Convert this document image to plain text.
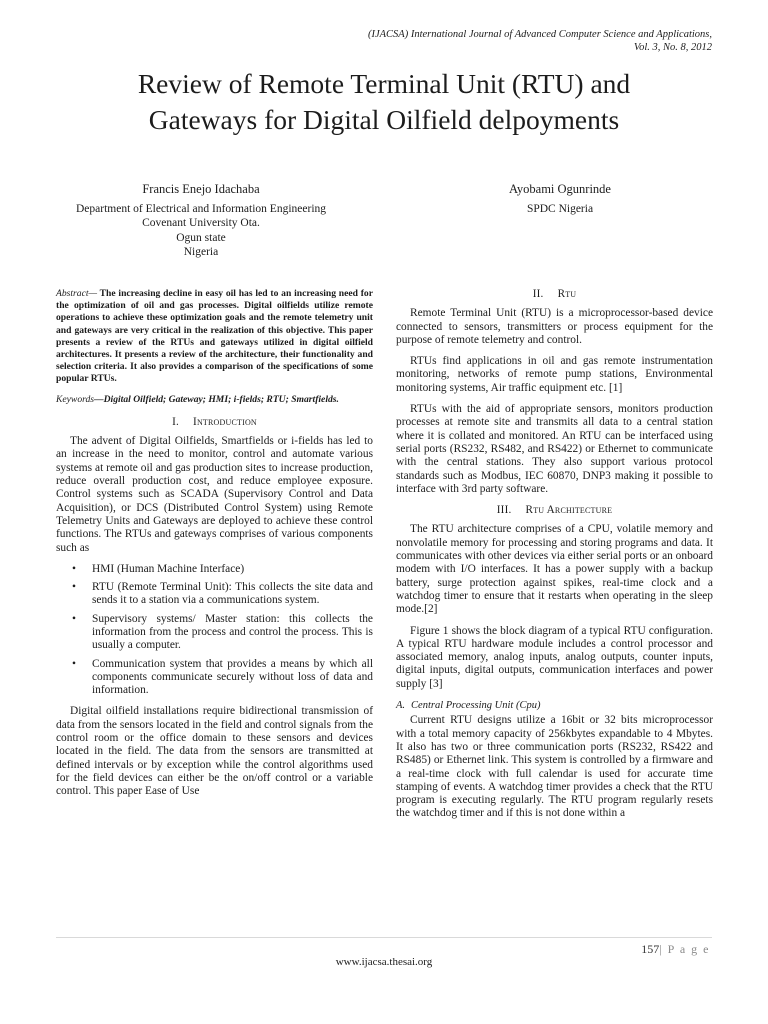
(IJACSA) International Journal of Advanced Computer Science and Applications,
Vol. 3, No. 8, 2012
Review of Remote Terminal Unit (RTU) and
Gateways for Digital Oilfield delpoyments
Francis Enejo Idachaba
Department of Electrical and Information Engineering
Covenant University Ota.
Ogun state
Nigeria
Ayobami Ogunrinde
SPDC Nigeria
Abstract— The increasing decline in easy oil has led to an increasing need for the optimization of oil and gas processes. Digital oilfields utilize remote operations to achieve these optimization goals and the remote telemetry unit and gateways are very critical in the realization of this objective. This paper presents a review of the RTUs and gateways utilized in digital oilfield architectures. It presents a review of the architecture, their functionality and selection criteria. It also provides a comparison of the specifications of some popular RTUs.
Keywords—Digital Oilfield; Gateway; HMI; i-fields; RTU; Smartfields.
I. Introduction

The advent of Digital Oilfields, Smartfields or i-fields has led to an increase in the need to monitor, control and automate various systems at remote oil and gas production sites to increase production, reduce overall production cost, and reduce employee exposure. Control systems such as SCADA (Supervisory Control and Data Acquisition), or DCS (Distributed Control System) using Remote Telemetry Units and Gateways are deployed to achieve these control functions. The RTUs and gateways comprises of various components such as

• HMI (Human Machine Interface)
• RTU (Remote Terminal Unit): This collects the site data and sends it to a station via a communications system.
• Supervisory systems/ Master station: this collects the information from the process and control the process. This is usually a computer.
• Communication system that provides a means by which all components communicate securely without loss of data and information.

Digital oilfield installations require bidirectional transmission of data from the sensors located in the field and control signals from the control room or the office domain to these sensors and devices located in the field. The data from the sensors are transmitted at defined intervals or by exception while the control algorithms used for the field devices can either be the on/off control or a variable control. This paper Ease of Use

II. Rtu

Remote Terminal Unit (RTU) is a microprocessor-based device connected to sensors, transmitters or process equipment for the purpose of remote telemetry and control.

RTUs find applications in oil and gas remote instrumentation monitoring, networks of remote pump stations, Environmental monitoring systems, Air traffic equipment etc. [1]

RTUs with the aid of appropriate sensors, monitors production processes at remote site and transmits all data to a central station where it is collated and monitored. An RTU can be interfaced using serial ports (RS232, RS482, and RS422) or Ethernet to communicate with the central stations. They also support various protocol standards such as Modbus, IEC 60870, DNP3 making it possible to interface with 3rd party software.

III. Rtu Architecture

The RTU architecture comprises of a CPU, volatile memory and nonvolatile memory for processing and storing programs and data. It communicates with other devices via either serial ports or an onboard modem with I/O interfaces. It has a power supply with a backup battery, surge protection against spikes, real-time clock and a watchdog timer to ensure that it restarts when operating in the sleep mode.[2]

Figure 1 shows the block diagram of a typical RTU configuration. A typical RTU hardware module includes a control processor and associated memory, analog inputs, analog outputs, counter inputs, digital inputs, digital outputs, communication interfaces and power supply [3]

A. Central Processing Unit (Cpu)

Current RTU designs utilize a 16bit or 32 bits microprocessor with a total memory capacity of 256kbytes expandable to 4 Mbytes. It also has two or three communication ports (RS232, RS422 and RS485) or Ethernet link. This system is controlled by a firmware and a real-time clock with full calendar is used for accurate time stamping of events. A watchdog timer provides a check that the RTU program is executing regularly. The RTU program regularly resets the watchdog timer and if this is not done within a

157| P a g e
www.ijacsa.thesai.org
